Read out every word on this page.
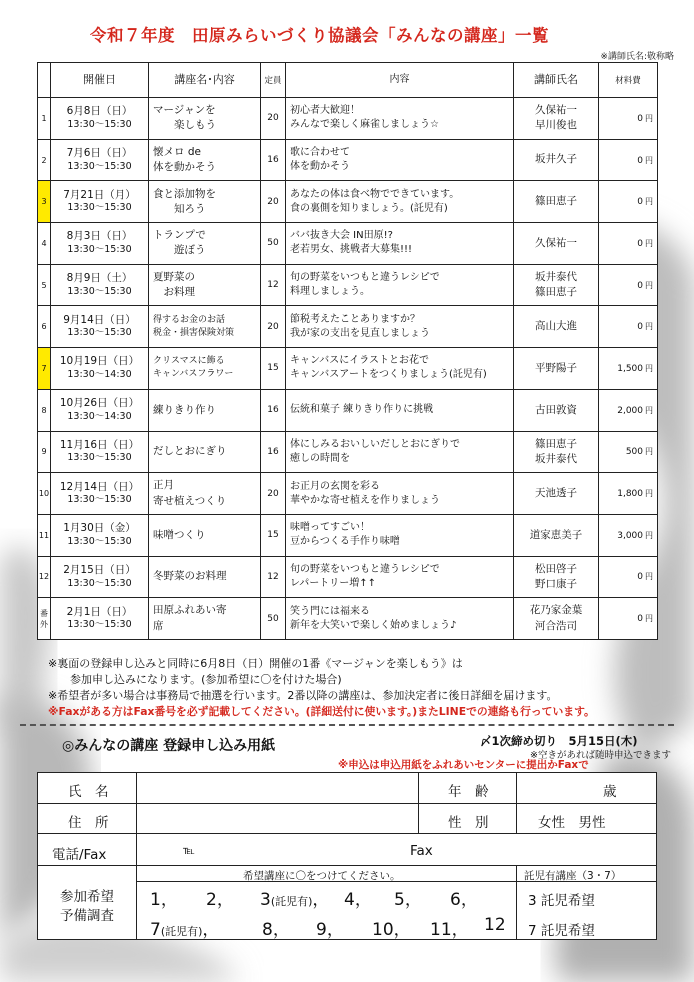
令和７年度　田原みらいづくり協議会「みんなの講座」一覧
※講師氏名:敬称略
	開催日	講座名･内容	定員	内容	講師氏名	材料費
1	6月8日（日）
13:30～15:30	マージャンを
　　楽しもう	20	初心者大歓迎！
みんなで楽しく麻雀しましょう☆	久保祐一
早川俊也	0 円
2	7月6日（日）
13:30～15:30	懐メロ de
体を動かそう	16	歌に合わせて
体を動かそう	坂井久子	0 円
3	7月21日（月）
13:30～15:30	食と添加物を
　　知ろう	20	あなたの体は食べ物でできています。
食の裏側を知りましょう。(託児有)	篠田恵子	0 円
4	8月3日（日）
13:30～15:30	トランプで
　　遊ぼう	50	ババ抜き大会 IN田原!?
老若男女、挑戦者大募集!!!	久保祐一	0 円
5	8月9日（土）
13:30～15:30	夏野菜の
　お料理	12	旬の野菜をいつもと違うレシピで
料理しましょう。	坂井泰代
篠田恵子	0 円
6	9月14日（日）
13:30～15:30	得するお金のお話
税金・損害保険対策	20	節税考えたことありますか？
我が家の支出を見直しましょう	高山大進	0 円
7	10月19日（日）
13:30～14:30	クリスマスに飾る
キャンバスフラワー	15	キャンバスにイラストとお花で
キャンバスアートをつくりましょう(託児有)	平野陽子	1,500 円
8	10月26日（日）
13:30～14:30	練りきり作り	16	伝統和菓子 練りきり作りに挑戦	古田敦資	2,000 円
9	11月16日（日）
13:30～15:30	だしとおにぎり	16	体にしみるおいしいだしとおにぎりで
癒しの時間を	篠田恵子
坂井泰代	500 円
10	12月14日（日）
13:30～15:30	正月
寄せ植えつくり	20	お正月の玄関を彩る
華やかな寄せ植えを作りましょう	天池透子	1,800 円
11	1月30日（金）
13:30～15:30	味噌つくり	15	味噌ってすごい！
豆からつくる手作り味噌	道家恵美子	3,000 円
12	2月15日（日）
13:30～15:30	冬野菜のお料理	12	旬の野菜をいつもと違うレシピで
レパートリー増↑↑	松田啓子
野口康子	0 円
番外	2月1日（日）
13:30～15:30	田原ふれあい寄
席	50	笑う門には福来る
新年を大笑いで楽しく始めましょう♪	花乃家金葉
河合浩司	0 円

※裏面の登録申し込みと同時に6月8日（日）開催の1番《マージャンを楽しもう》は

参加申し込みになります。(参加希望に〇を付けた場合)

※希望者が多い場合は事務局で抽選を行います。2番以降の講座は、参加決定者に後日詳細を届けます。

※Faxがある方はFax番号を必ず記載してください。(詳細送付に使います。)またLINEでの連絡も行っています。

◎みんなの講座 登録申し込み用紙	〆1次締め切り　5月15日(木)
※空きがあれば随時申込できます
※申込は申込用紙をふれあいセンターに提出かFaxで
氏　名	年　齢	歳
住　所	性　別	女性　男性
電話/Fax	℡	Fax
参加希望
予備調査
希望講座に〇をつけてください。	託児有講座（3・7）
1， 2， 3(託児有)， 4， 5， 6，
7(託児有)，	8， 9， 10， 11， 12
3 託児希望
7 託児希望
